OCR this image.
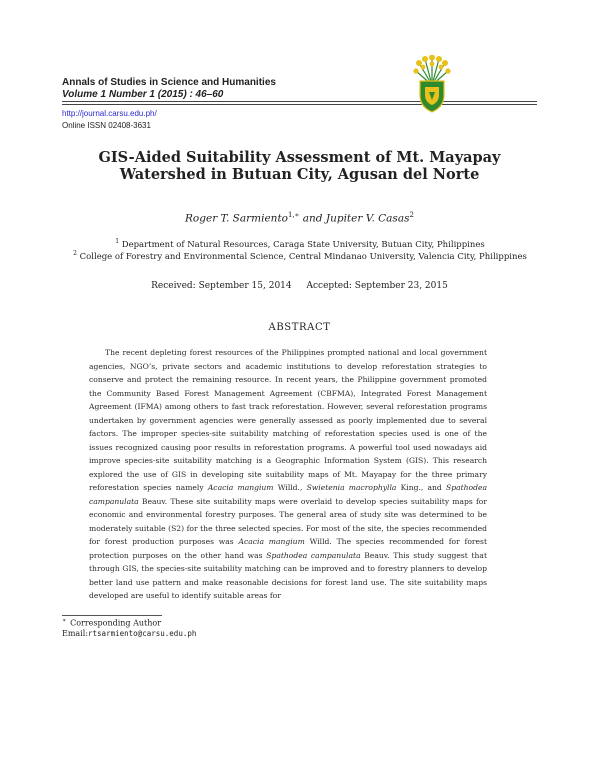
Annals of Studies in Science and Humanities
Volume 1 Number 1 (2015) : 46–60
http://journal.carsu.edu.ph/
Online ISSN 02408-3631
GIS-Aided Suitability Assessment of Mt. Mayapay
Watershed in Butuan City, Agusan del Norte
Roger T. Sarmiento$^{1,∗}$ and Jupiter V. Casas$^2$
$^1$ Department of Natural Resources, Caraga State University, Butuan City, Philippines
$^2$ College of Forestry and Environmental Science, Central Mindanao University, Valencia City, Philippines
Received: September 15, 2014 Accepted: September 23, 2015
ABSTRACT

The recent depleting forest resources of the Philippines prompted national and local government agencies, NGO’s, private sectors and academic institutions to develop reforestation strategies to conserve and protect the remaining resource. In recent years, the Philippine government promoted the Community Based Forest Management Agreement (CBFMA), Integrated Forest Management Agreement (IFMA) among others to fast track reforestation. However, several reforestation programs undertaken by government agencies were generally assessed as poorly implemented due to several factors. The improper species-site suitability matching of reforestation species used is one of the issues recognized causing poor results in reforestation programs. A powerful tool used nowadays aid improve species-site suitability matching is a Geographic Information System (GIS). This research explored the use of GIS in developing site suitability maps of Mt. Mayapay for the three primary reforestation species namely Acacia mangium Willd., Swietenia macrophylla King., and Spathodea campanulata Beauv. These site suitability maps were overlaid to develop species suitability maps for economic and environmental forestry purposes. The general area of study site was determined to be moderately suitable (S2) for the three selected species. For most of the site, the species recommended for forest production purposes was Acacia mangium Willd. The species recommended for forest protection purposes on the other hand was Spathodea campanulata Beauv. This study suggest that through GIS, the species-site suitability matching can be improved and to forestry planners to develop better land use pattern and make reasonable decisions for forest land use. The site suitability maps developed are useful to identify suitable areas for

∗ Corresponding Author
Email:rtsarmiento@carsu.edu.ph
